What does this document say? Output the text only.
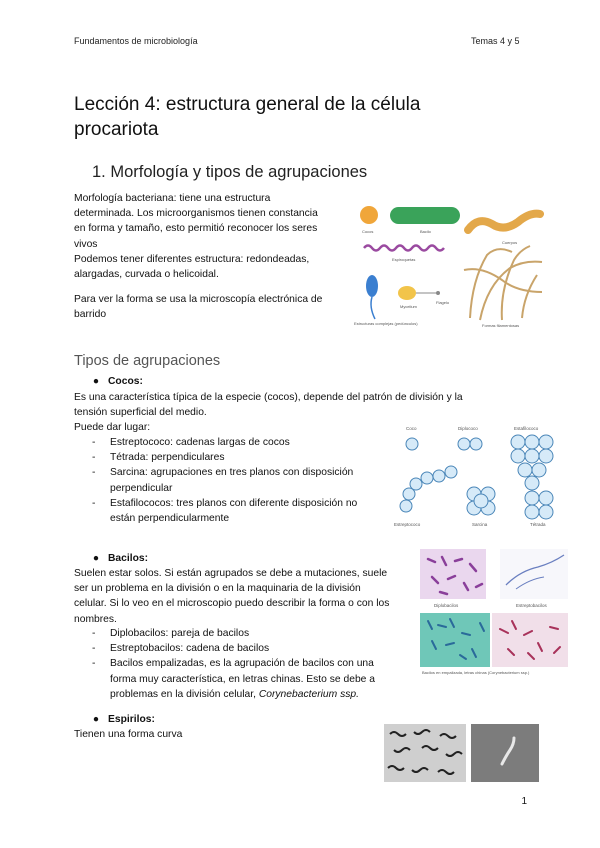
Fundamentos de microbiología	Temas 4 y 5
Lección 4: estructura general de la célula procariota
1. Morfología y tipos de agrupaciones
Morfología bacteriana: tiene una estructura
determinada. Los microorganismos tienen constancia
en forma y tamaño, esto permitió reconocer los seres
vivos
Podemos tener diferentes estructura: redondeadas,
alargadas, curvada o helicoidal.
Para ver la forma se usa la microscopía electrónica de
barrido
Cocos	Bacilo
Cuerpos
Espiroquetas
Mycelium
Flagelo
Estructuras complejas (pedúnculos)	Formas filamentosas
Tipos de agrupaciones
● Cocos:
Es una característica típica de la especie (cocos), depende del patrón de división y la
tensión superficial del medio.
Puede dar lugar:
- Estreptococo: cadenas largas de cocos
- Tétrada: perpendiculares
- Sarcina: agrupaciones en tres planos con disposición
perpendicular
- Estafilococos: tres planos con diferente disposición no
están perpendicularmente
Coco	Diplococo	Estafilococo
Estreptococo	Sarcina	Tétrada
● Bacilos:
Suelen estar solos. Si están agrupados se debe a mutaciones, suele
ser un problema en la división o en la maquinaria de la división
celular. Si lo veo en el microscopio puedo describir la forma o con los
nombres.
- Diplobacilos: pareja de bacilos
- Estreptobacilos: cadena de bacilos
- Bacilos empalizadas, es la agrupación de bacilos con una
forma muy característica, en letras chinas. Esto se debe a
problemas en la división celular, Corynebacterium ssp.
Diplobacilos	Estreptobacilos
Bacilos en empalizada, letras chinas (Corynebacterium ssp.)
● Espirilos:
Tienen una forma curva
1
